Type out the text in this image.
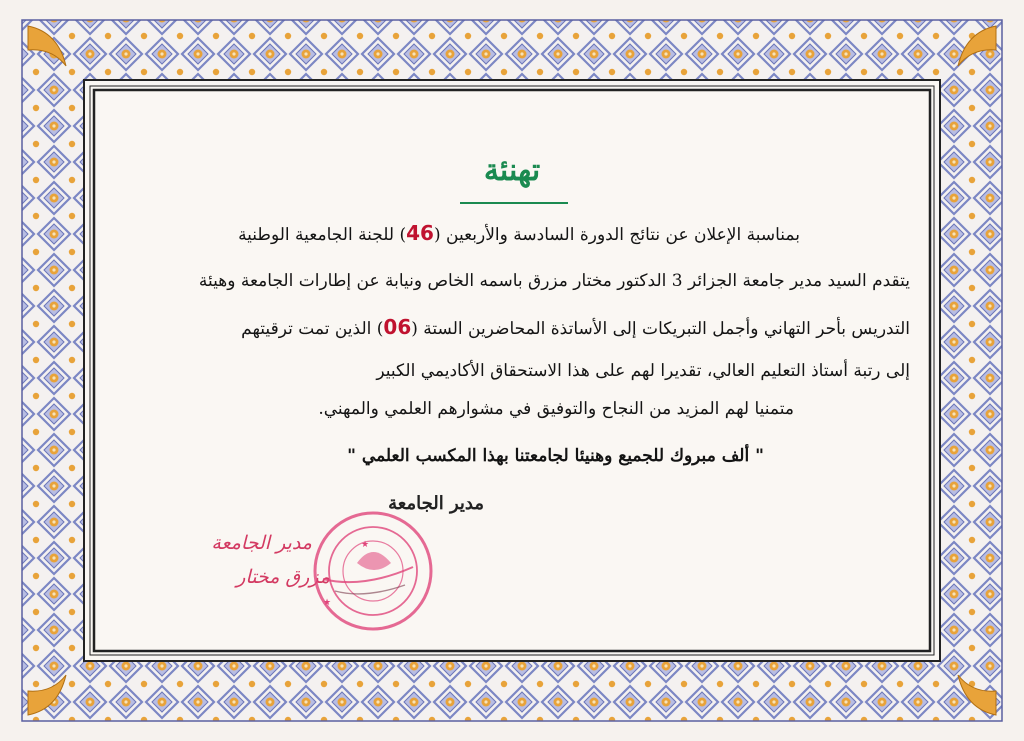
تهنئة
بمناسبة الإعلان عن نتائج الدورة السادسة والأربعين (46) للجنة الجامعية الوطنية
يتقدم السيد مدير جامعة الجزائر 3 الدكتور مختار مزرق باسمه الخاص ونيابة عن إطارات الجامعة وهيئة
التدريس بأحر التهاني وأجمل التبريكات إلى الأساتذة المحاضرين الستة (06) الذين تمت ترقيتهم
إلى رتبة أستاذ التعليم العالي، تقديرا لهم على هذا الاستحقاق الأكاديمي الكبير
متمنيا لهم المزيد من النجاح والتوفيق في مشوارهم العلمي والمهني.
" ألف مبروك للجميع وهنيئا لجامعتنا بهذا المكسب العلمي "
مدير الجامعة
مدير الجامعة
مزرق مختار
★
★
